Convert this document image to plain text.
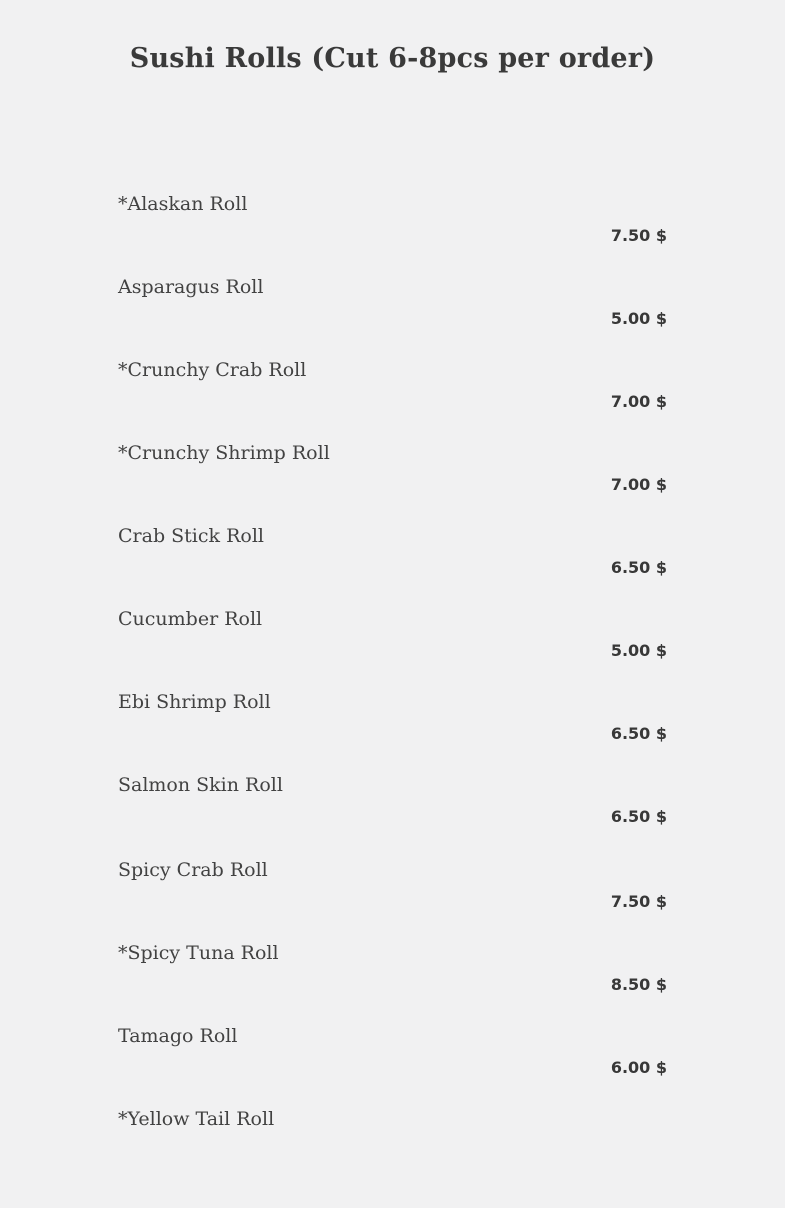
Sushi Rolls (Cut 6-8pcs per order)
*Alaskan Roll
7.50 $
Asparagus Roll
5.00 $
*Crunchy Crab Roll
7.00 $
*Crunchy Shrimp Roll
7.00 $
Crab Stick Roll
6.50 $
Cucumber Roll
5.00 $
Ebi Shrimp Roll
6.50 $
Salmon Skin Roll
6.50 $
Spicy Crab Roll
7.50 $
*Spicy Tuna Roll
8.50 $
Tamago Roll
6.00 $
*Yellow Tail Roll
